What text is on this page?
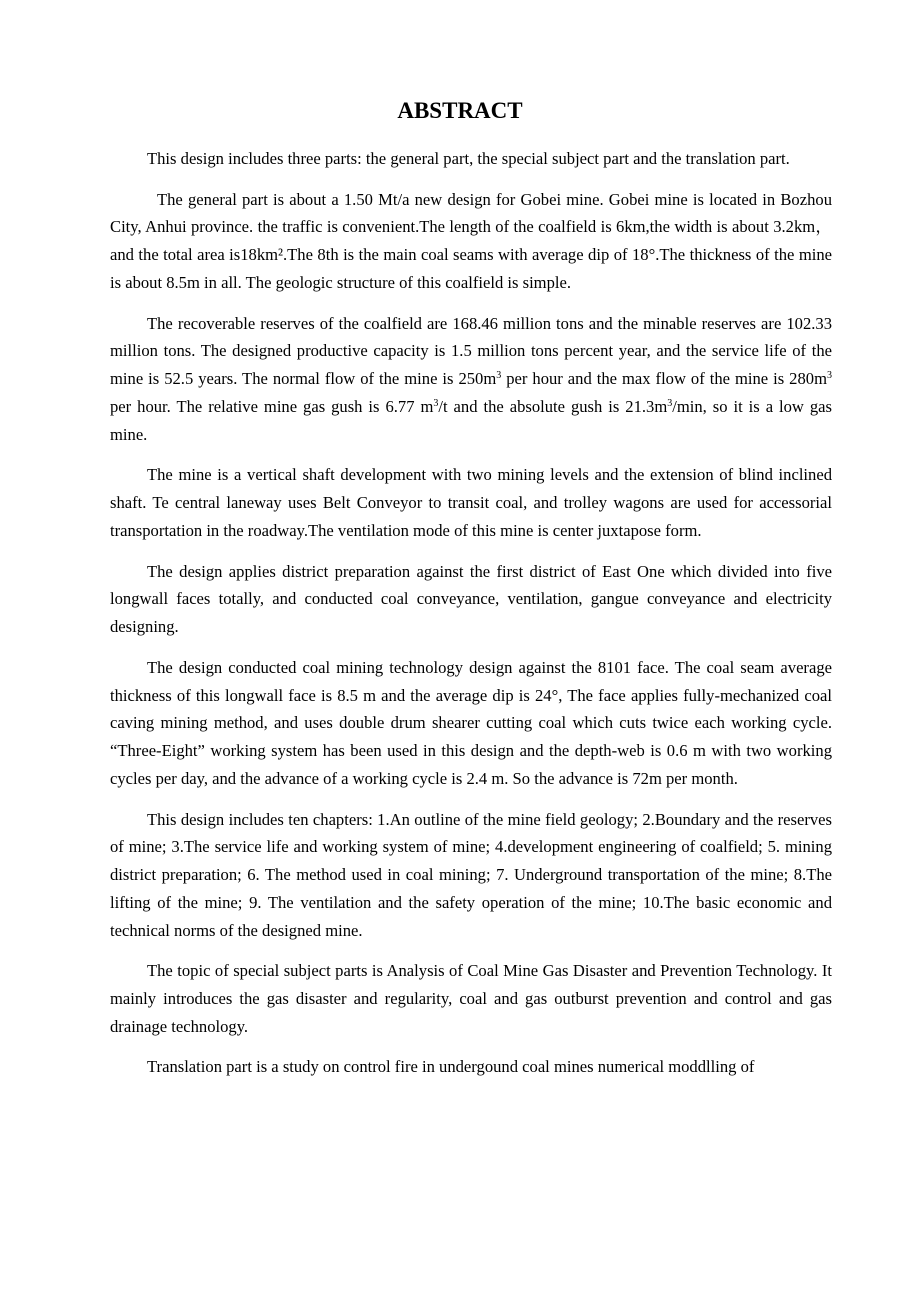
ABSTRACT

This design includes three parts: the general part, the special subject part and the translation part.

The general part is about a 1.50 Mt/a new design for Gobei mine. Gobei mine is located in Bozhou City, Anhui province. the traffic is convenient.The length of the coalfield is 6km,the width is about 3.2km，and the total area is18km².The 8th is the main coal seams with average dip of 18°.The thickness of the mine is about 8.5m in all. The geologic structure of this coalfield is simple.

The recoverable reserves of the coalfield are 168.46 million tons and the minable reserves are 102.33 million tons. The designed productive capacity is 1.5 million tons percent year, and the service life of the mine is 52.5 years. The normal flow of the mine is $250m^3$ per hour and the max flow of the mine is $280m^3$ per hour. The relative mine gas gush is 6.77 $m^3/t$ and the absolute gush is $21.3m^3/\min$, so it is a low gas mine.

The mine is a vertical shaft development with two mining levels and the extension of blind inclined shaft. Te central laneway uses Belt Conveyor to transit coal, and trolley wagons are used for accessorial transportation in the roadway.The ventilation mode of this mine is center juxtapose form.

The design applies district preparation against the first district of East One which divided into five longwall faces totally, and conducted coal conveyance, ventilation, gangue conveyance and electricity designing.

The design conducted coal mining technology design against the 8101 face. The coal seam average thickness of this longwall face is 8.5 m and the average dip is 24°, The face applies fully-mechanized coal caving mining method, and uses double drum shearer cutting coal which cuts twice each working cycle. “Three-Eight” working system has been used in this design and the depth-web is 0.6 m with two working cycles per day, and the advance of a working cycle is 2.4 m. So the advance is 72m per month.

This design includes ten chapters: 1.An outline of the mine field geology; 2.Boundary and the reserves of mine; 3.The service life and working system of mine; 4.development engineering of coalfield; 5. mining district preparation; 6. The method used in coal mining; 7. Underground transportation of the mine; 8.The lifting of the mine; 9. The ventilation and the safety operation of the mine; 10.The basic economic and technical norms of the designed mine.

The topic of special subject parts is Analysis of Coal Mine Gas Disaster and Prevention Technology. It mainly introduces the gas disaster and regularity, coal and gas outburst prevention and control and gas drainage technology.

Translation part is a study on control fire in undergound coal mines numerical moddlling of
